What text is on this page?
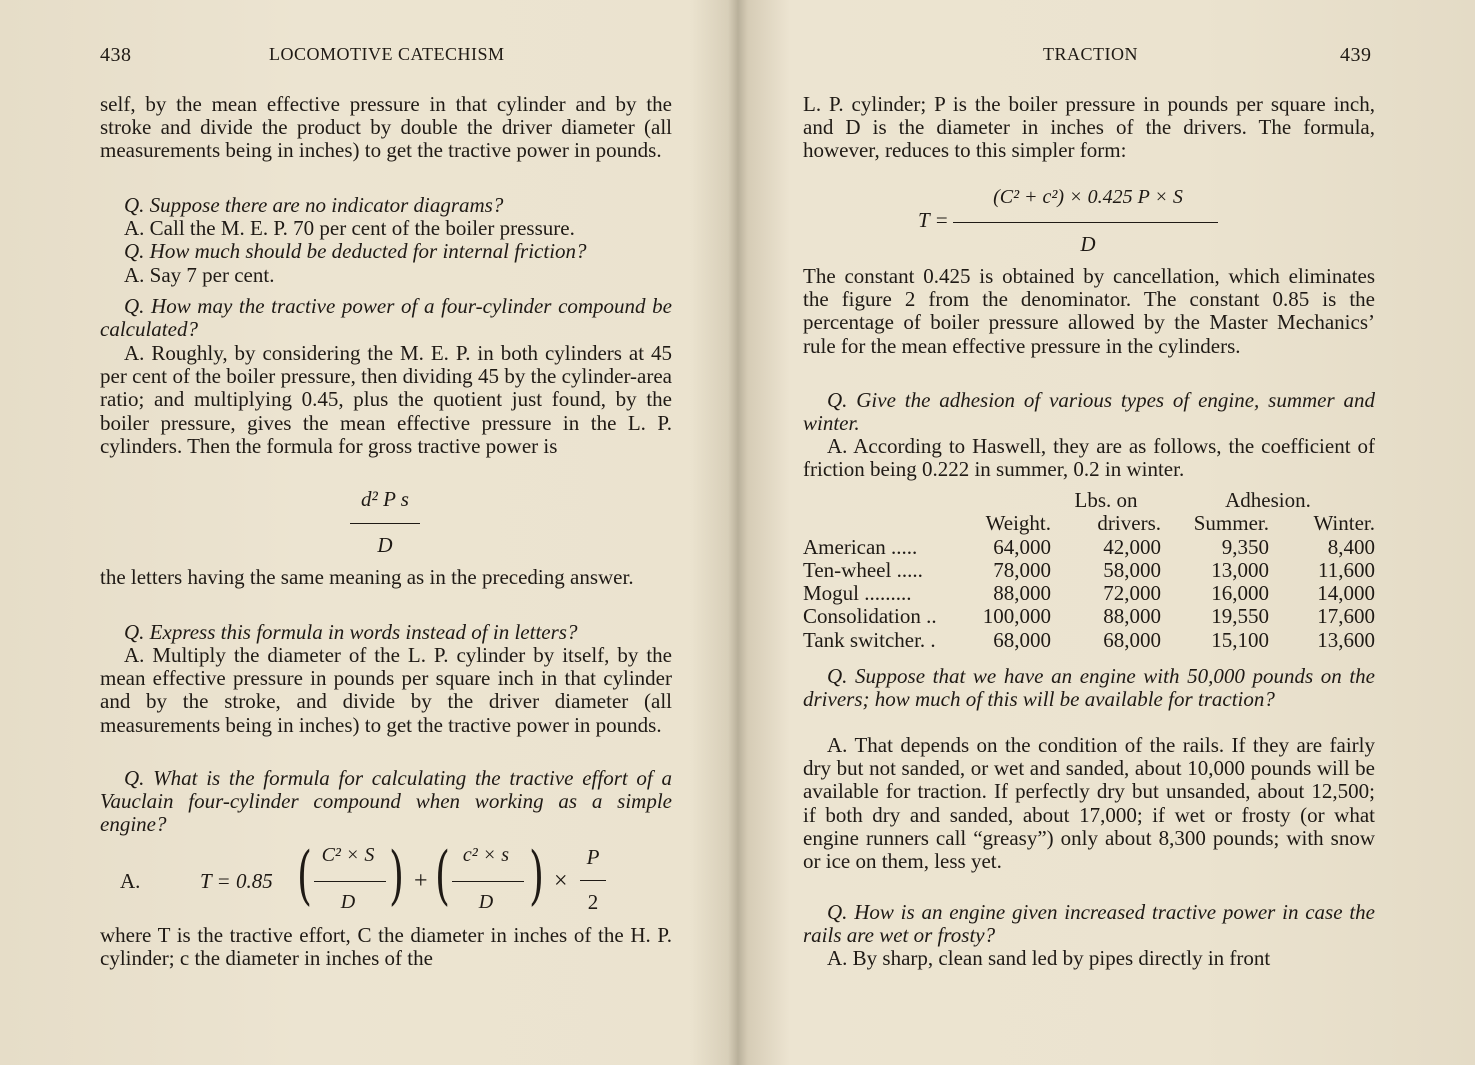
438	LOCOMOTIVE CATECHISM

self, by the mean effective pressure in that cylinder and by the stroke and divide the product by double the driver diameter (all measurements being in inches) to get the tractive power in pounds.

Q. Suppose there are no indicator diagrams?

A. Call the M. E. P. 70 per cent of the boiler pressure.

Q. How much should be deducted for internal friction?

A. Say 7 per cent.

Q. How may the tractive power of a four-cylinder compound be calculated?

A. Roughly, by considering the M. E. P. in both cylinders at 45 per cent of the boiler pressure, then dividing 45 by the cylinder-area ratio; and multiplying 0.45, plus the quotient just found, by the boiler pressure, gives the mean effective pressure in the L. P. cylinders. Then the formula for gross tractive power is

d² P s
D

the letters having the same meaning as in the preceding answer.

Q. Express this formula in words instead of in letters?

A. Multiply the diameter of the L. P. cylinder by itself, by the mean effective pressure in pounds per square inch in that cylinder and by the stroke, and divide by the driver diameter (all measurements being in inches) to get the tractive power in pounds.

Q. What is the formula for calculating the tractive effort of a Vauclain four-cylinder compound when working as a simple engine?

A.	T = 0.85 ( C² × S
D ) + ( c² × s
D ) ×
P
2

where T is the tractive effort, C the diameter in inches of the H. P. cylinder; c the diameter in inches of the

TRACTION	439

L. P. cylinder; P is the boiler pressure in pounds per square inch, and D is the diameter in inches of the drivers. The formula, however, reduces to this simpler form:

T =
(C² + c²) × 0.425 P × S
D

The constant 0.425 is obtained by cancellation, which eliminates the figure 2 from the denominator. The constant 0.85 is the percentage of boiler pressure allowed by the Master Mechanics’ rule for the mean effective pressure in the cylinders.

Q. Give the adhesion of various types of engine, summer and winter.

A. According to Haswell, they are as follows, the coefficient of friction being 0.222 in summer, 0.2 in winter.

		Lbs. on	Adhesion.	
	Weight.	drivers.	Summer.	Winter.
American .....	64,000	42,000	9,350	8,400
Ten-wheel .....	78,000	58,000	13,000	11,600
Mogul .........	88,000	72,000	16,000	14,000
Consolidation ..	100,000	88,000	19,550	17,600
Tank switcher. .	68,000	68,000	15,100	13,600

Q. Suppose that we have an engine with 50,000 pounds on the drivers; how much of this will be available for traction?

A. That depends on the condition of the rails. If they are fairly dry but not sanded, or wet and sanded, about 10,000 pounds will be available for traction. If perfectly dry but unsanded, about 12,500; if both dry and sanded, about 17,000; if wet or frosty (or what engine runners call “greasy”) only about 8,300 pounds; with snow or ice on them, less yet.

Q. How is an engine given increased tractive power in case the rails are wet or frosty?

A. By sharp, clean sand led by pipes directly in front
